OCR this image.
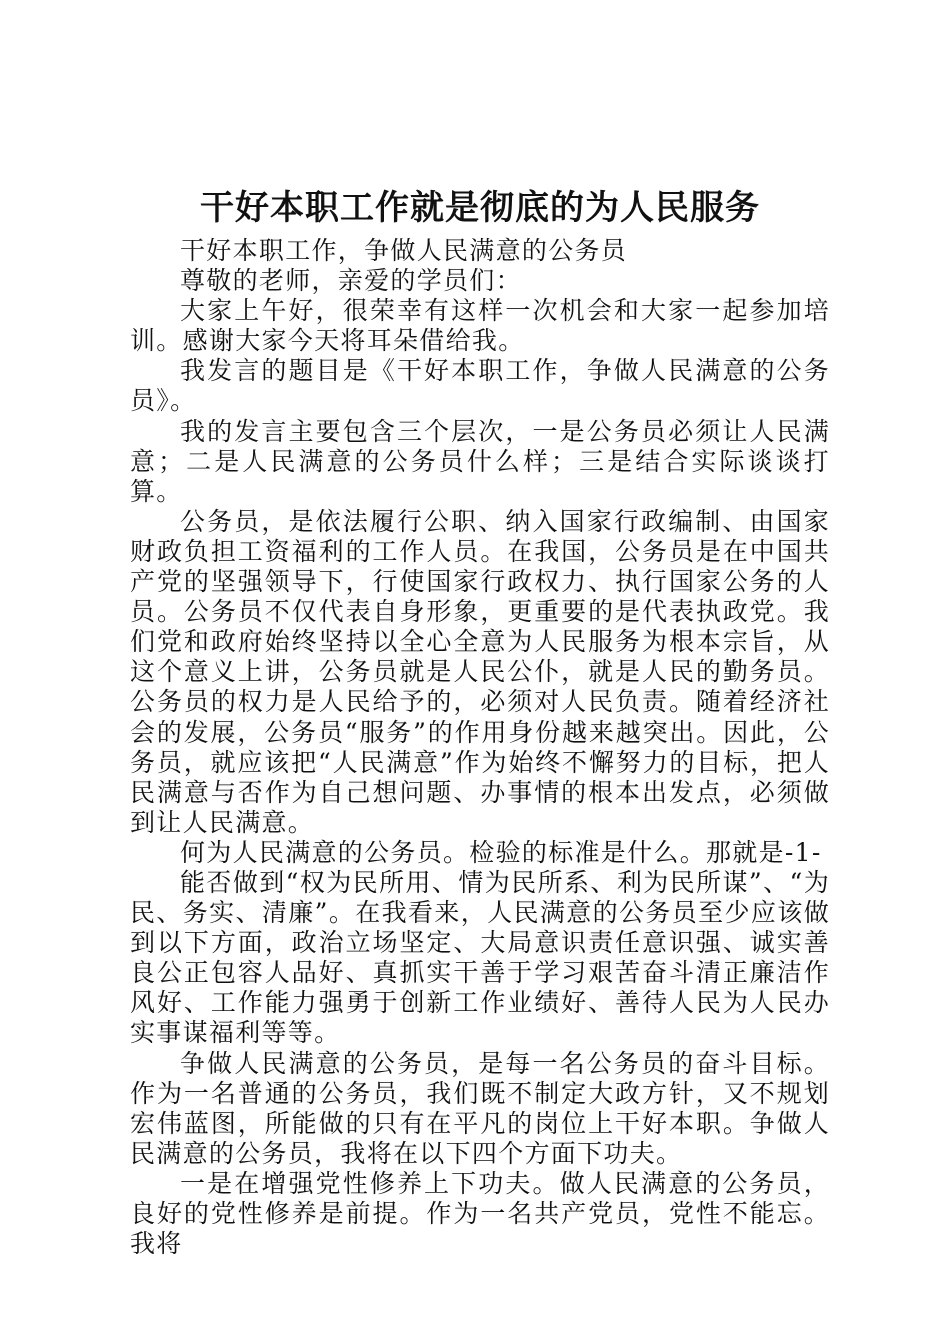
干好本职工作就是彻底的为人民服务

干好本职工作，争做人民满意的公务员

尊敬的老师，亲爱的学员们：

大家上午好，很荣幸有这样一次机会和大家一起参加培训。感谢大家今天将耳朵借给我。

我发言的题目是《干好本职工作，争做人民满意的公务员》。

我的发言主要包含三个层次，一是公务员必须让人民满意；二是人民满意的公务员什么样；三是结合实际谈谈打算。

公务员，是依法履行公职、纳入国家行政编制、由国家财政负担工资福利的工作人员。在我国，公务员是在中国共产党的坚强领导下，行使国家行政权力、执行国家公务的人员。公务员不仅代表自身形象，更重要的是代表执政党。我们党和政府始终坚持以全心全意为人民服务为根本宗旨，从这个意义上讲，公务员就是人民公仆，就是人民的勤务员。公务员的权力是人民给予的，必须对人民负责。随着经济社会的发展，公务员“服务”的作用身份越来越突出。因此，公务员，就应该把“人民满意”作为始终不懈努力的目标，把人民满意与否作为自己想问题、办事情的根本出发点，必须做到让人民满意。

何为人民满意的公务员。检验的标准是什么。那就是-1-

能否做到“权为民所用、情为民所系、利为民所谋”、“为民、务实、清廉”。在我看来，人民满意的公务员至少应该做到以下方面，政治立场坚定、大局意识责任意识强、诚实善良公正包容人品好、真抓实干善于学习艰苦奋斗清正廉洁作风好、工作能力强勇于创新工作业绩好、善待人民为人民办实事谋福利等等。

争做人民满意的公务员，是每一名公务员的奋斗目标。作为一名普通的公务员，我们既不制定大政方针，又不规划宏伟蓝图，所能做的只有在平凡的岗位上干好本职。争做人民满意的公务员，我将在以下四个方面下功夫。

一是在增强党性修养上下功夫。做人民满意的公务员，良好的党性修养是前提。作为一名共产党员，党性不能忘。我将
